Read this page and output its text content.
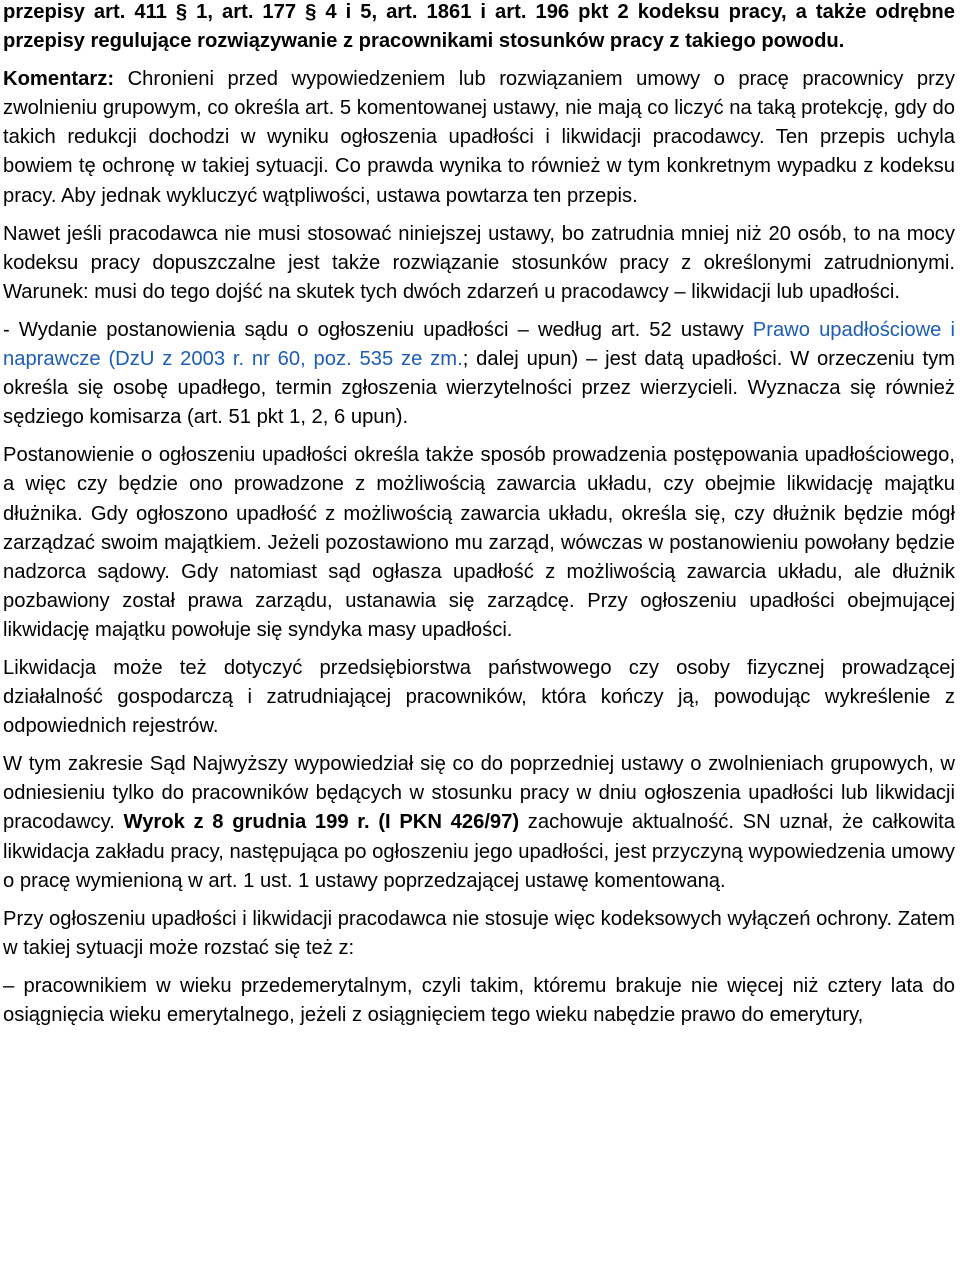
przepisy art. 411 § 1, art. 177 § 4 i 5, art. 1861 i art. 196 pkt 2 kodeksu pracy, a także odrębne przepisy regulujące rozwiązywanie z pracownikami stosunków pracy z takiego powodu.

Komentarz: Chronieni przed wypowiedzeniem lub rozwiązaniem umowy o pracę pracownicy przy zwolnieniu grupowym, co określa art. 5 komentowanej ustawy, nie mają co liczyć na taką protekcję, gdy do takich redukcji dochodzi w wyniku ogłoszenia upadłości i likwidacji pracodawcy. Ten przepis uchyla bowiem tę ochronę w takiej sytuacji. Co prawda wynika to również w tym konkretnym wypadku z kodeksu pracy. Aby jednak wykluczyć wątpliwości, ustawa powtarza ten przepis.

Nawet jeśli pracodawca nie musi stosować niniejszej ustawy, bo zatrudnia mniej niż 20 osób, to na mocy kodeksu pracy dopuszczalne jest także rozwiązanie stosunków pracy z określonymi zatrudnionymi. Warunek: musi do tego dojść na skutek tych dwóch zdarzeń u pracodawcy – likwidacji lub upadłości.

- Wydanie postanowienia sądu o ogłoszeniu upadłości – według art. 52 ustawy Prawo upadłościowe i naprawcze (DzU z 2003 r. nr 60, poz. 535 ze zm.; dalej upun) – jest datą upadłości. W orzeczeniu tym określa się osobę upadłego, termin zgłoszenia wierzytelności przez wierzycieli. Wyznacza się również sędziego komisarza (art. 51 pkt 1, 2, 6 upun).

Postanowienie o ogłoszeniu upadłości określa także sposób prowadzenia postępowania upadłościowego, a więc czy będzie ono prowadzone z możliwością zawarcia układu, czy obejmie likwidację majątku dłużnika. Gdy ogłoszono upadłość z możliwością zawarcia układu, określa się, czy dłużnik będzie mógł zarządzać swoim majątkiem. Jeżeli pozostawiono mu zarząd, wówczas w postanowieniu powołany będzie nadzorca sądowy. Gdy natomiast sąd ogłasza upadłość z możliwością zawarcia układu, ale dłużnik pozbawiony został prawa zarządu, ustanawia się zarządcę. Przy ogłoszeniu upadłości obejmującej likwidację majątku powołuje się syndyka masy upadłości.

Likwidacja może też dotyczyć przedsiębiorstwa państwowego czy osoby fizycznej prowadzącej działalność gospodarczą i zatrudniającej pracowników, która kończy ją, powodując wykreślenie z odpowiednich rejestrów.

W tym zakresie Sąd Najwyższy wypowiedział się co do poprzedniej ustawy o zwolnieniach grupowych, w odniesieniu tylko do pracowników będących w stosunku pracy w dniu ogłoszenia upadłości lub likwidacji pracodawcy. Wyrok z 8 grudnia 199 r. (I PKN 426/97) zachowuje aktualność. SN uznał, że całkowita likwidacja zakładu pracy, następująca po ogłoszeniu jego upadłości, jest przyczyną wypowiedzenia umowy o pracę wymienioną w art. 1 ust. 1 ustawy poprzedzającej ustawę komentowaną.

Przy ogłoszeniu upadłości i likwidacji pracodawca nie stosuje więc kodeksowych wyłączeń ochrony. Zatem w takiej sytuacji może rozstać się też z:

– pracownikiem w wieku przedemerytalnym, czyli takim, któremu brakuje nie więcej niż cztery lata do osiągnięcia wieku emerytalnego, jeżeli z osiągnięciem tego wieku nabędzie prawo do emerytury,
